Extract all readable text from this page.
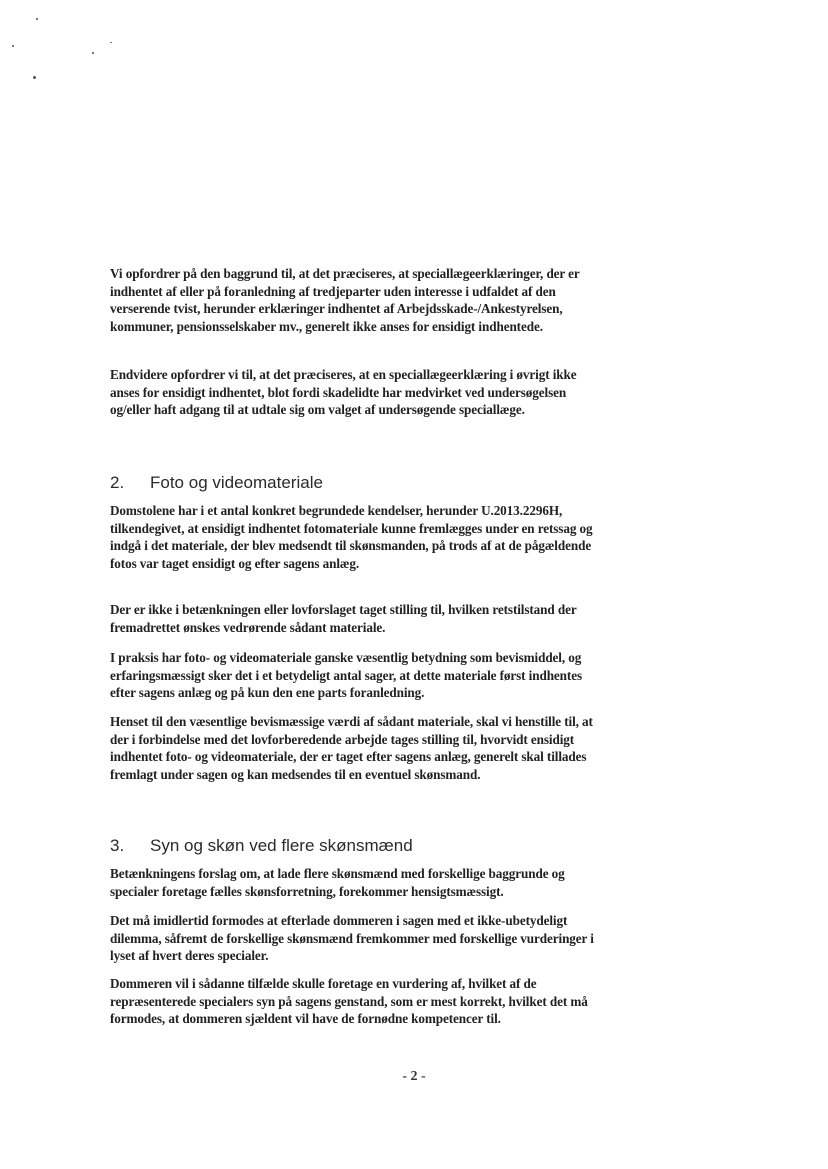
Vi opfordrer på den baggrund til, at det præciseres, at speciallægeerklæringer, der er indhentet af eller på foranledning af tredjeparter uden interesse i udfaldet af den verserende tvist, herunder erklæringer indhentet af Arbejdsskade-/Ankestyrelsen, kommuner, pensionsselskaber mv., generelt ikke anses for ensidigt indhentede.

Endvidere opfordrer vi til, at det præciseres, at en speciallægeerklæring i øvrigt ikke anses for ensidigt indhentet, blot fordi skadelidte har medvirket ved undersøgelsen og/eller haft adgang til at udtale sig om valget af undersøgende speciallæge.

2. Foto og videomateriale

Domstolene har i et antal konkret begrundede kendelser, herunder U.2013.2296H, tilkendegivet, at ensidigt indhentet fotomateriale kunne fremlægges under en retssag og indgå i det materiale, der blev medsendt til skønsmanden, på trods af at de pågældende fotos var taget ensidigt og efter sagens anlæg.

Der er ikke i betænkningen eller lovforslaget taget stilling til, hvilken retstilstand der fremadrettet ønskes vedrørende sådant materiale.

I praksis har foto- og videomateriale ganske væsentlig betydning som bevismiddel, og erfaringsmæssigt sker det i et betydeligt antal sager, at dette materiale først indhentes efter sagens anlæg og på kun den ene parts foranledning.

Henset til den væsentlige bevismæssige værdi af sådant materiale, skal vi henstille til, at der i forbindelse med det lovforberedende arbejde tages stilling til, hvorvidt ensidigt indhentet foto- og videomateriale, der er taget efter sagens anlæg, generelt skal tillades fremlagt under sagen og kan medsendes til en eventuel skønsmand.

3. Syn og skøn ved flere skønsmænd

Betænkningens forslag om, at lade flere skønsmænd med forskellige baggrunde og specialer foretage fælles skønsforretning, forekommer hensigtsmæssigt.

Det må imidlertid formodes at efterlade dommeren i sagen med et ikke-ubetydeligt dilemma, såfremt de forskellige skønsmænd fremkommer med forskellige vurderinger i lyset af hvert deres specialer.

Dommeren vil i sådanne tilfælde skulle foretage en vurdering af, hvilket af de repræsenterede specialers syn på sagens genstand, som er mest korrekt, hvilket det må formodes, at dommeren sjældent vil have de fornødne kompetencer til.

- 2 -
